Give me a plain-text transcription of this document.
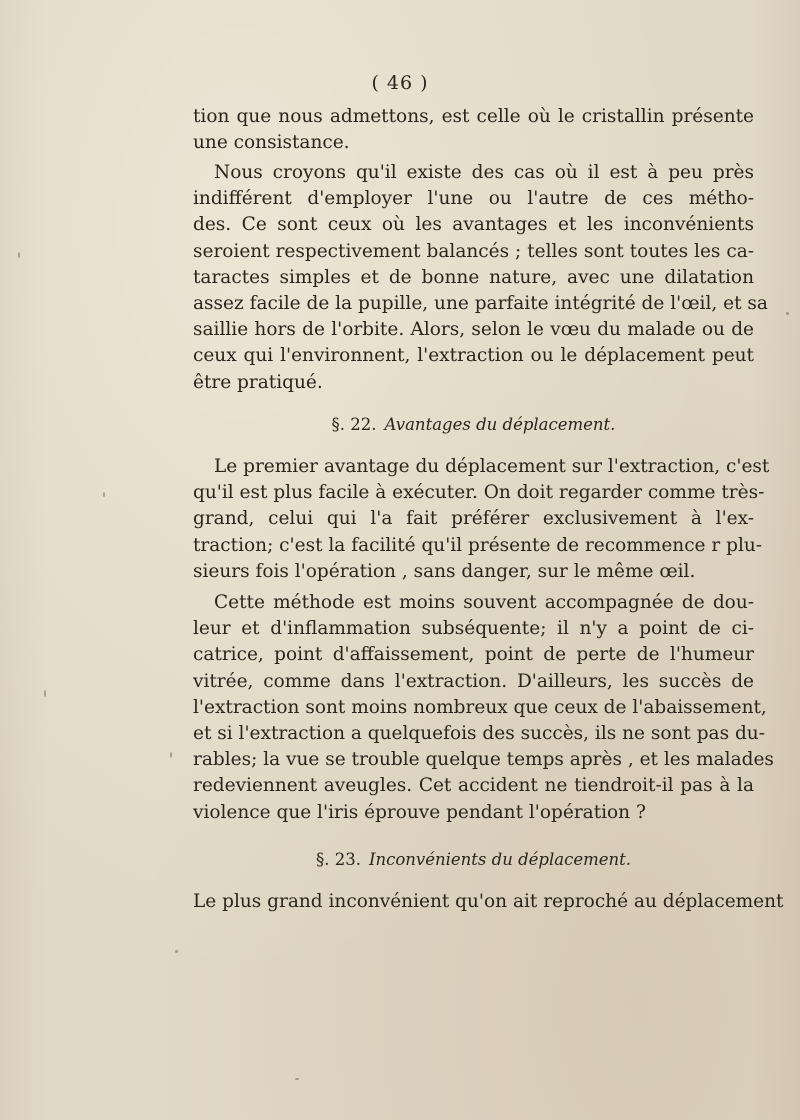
( 46 )
tion que nous admettons, est celle où le cristallin présente
une consistance.
Nous croyons qu'il existe des cas où il est à peu près
indifférent d'employer l'une ou l'autre de ces métho-
des. Ce sont ceux où les avantages et les inconvénients
seroient respectivement balancés ; telles sont toutes les ca-
taractes simples et de bonne nature, avec une dilatation
assez facile de la pupille, une parfaite intégrité de l'œil, et sa
saillie hors de l'orbite. Alors, selon le vœu du malade ou de
ceux qui l'environnent, l'extraction ou le déplacement peut
être pratiqué.
§. 22. Avantages du déplacement.
Le premier avantage du déplacement sur l'extraction, c'est
qu'il est plus facile à exécuter. On doit regarder comme très-
grand, celui qui l'a fait préférer exclusivement à l'ex-
traction; c'est la facilité qu'il présente de recommence r plu-
sieurs fois l'opération , sans danger, sur le même œil.
Cette méthode est moins souvent accompagnée de dou-
leur et d'inflammation subséquente; il n'y a point de ci-
catrice, point d'affaissement, point de perte de l'humeur
vitrée, comme dans l'extraction. D'ailleurs, les succès de
l'extraction sont moins nombreux que ceux de l'abaissement,
et si l'extraction a quelquefois des succès, ils ne sont pas du-
rables; la vue se trouble quelque temps après , et les malades
redeviennent aveugles. Cet accident ne tiendroit-il pas à la
violence que l'iris éprouve pendant l'opération ?
§. 23. Inconvénients du déplacement.
Le plus grand inconvénient qu'on ait reproché au déplacement
